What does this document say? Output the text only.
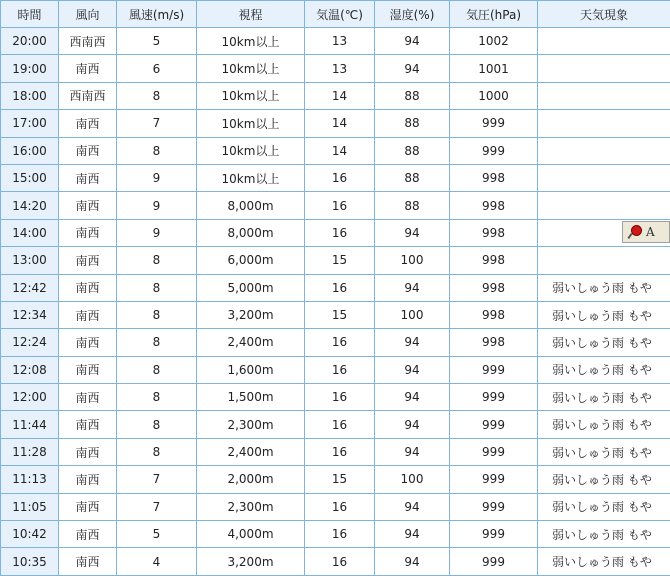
時間	風向	風速(m/s)	視程	気温(℃)	湿度(%)	気圧(hPa)	天気現象
20:00	西南西	5	10km以上	13	94	1002	
19:00	南西	6	10km以上	13	94	1001	
18:00	西南西	8	10km以上	14	88	1000	
17:00	南西	7	10km以上	14	88	999	
16:00	南西	8	10km以上	14	88	999	
15:00	南西	9	10km以上	16	88	998	
14:20	南西	9	8,000m	16	88	998	
14:00	南西	9	8,000m	16	94	998	
13:00	南西	8	6,000m	15	100	998	
12:42	南西	8	5,000m	16	94	998	弱いしゅう雨 もや
12:34	南西	8	3,200m	15	100	998	弱いしゅう雨 もや
12:24	南西	8	2,400m	16	94	998	弱いしゅう雨 もや
12:08	南西	8	1,600m	16	94	999	弱いしゅう雨 もや
12:00	南西	8	1,500m	16	94	999	弱いしゅう雨 もや
11:44	南西	8	2,300m	16	94	999	弱いしゅう雨 もや
11:28	南西	8	2,400m	16	94	999	弱いしゅう雨 もや
11:13	南西	7	2,000m	15	100	999	弱いしゅう雨 もや
11:05	南西	7	2,300m	16	94	999	弱いしゅう雨 もや
10:42	南西	5	4,000m	16	94	999	弱いしゅう雨 もや
10:35	南西	4	3,200m	16	94	999	弱いしゅう雨 もや
A
